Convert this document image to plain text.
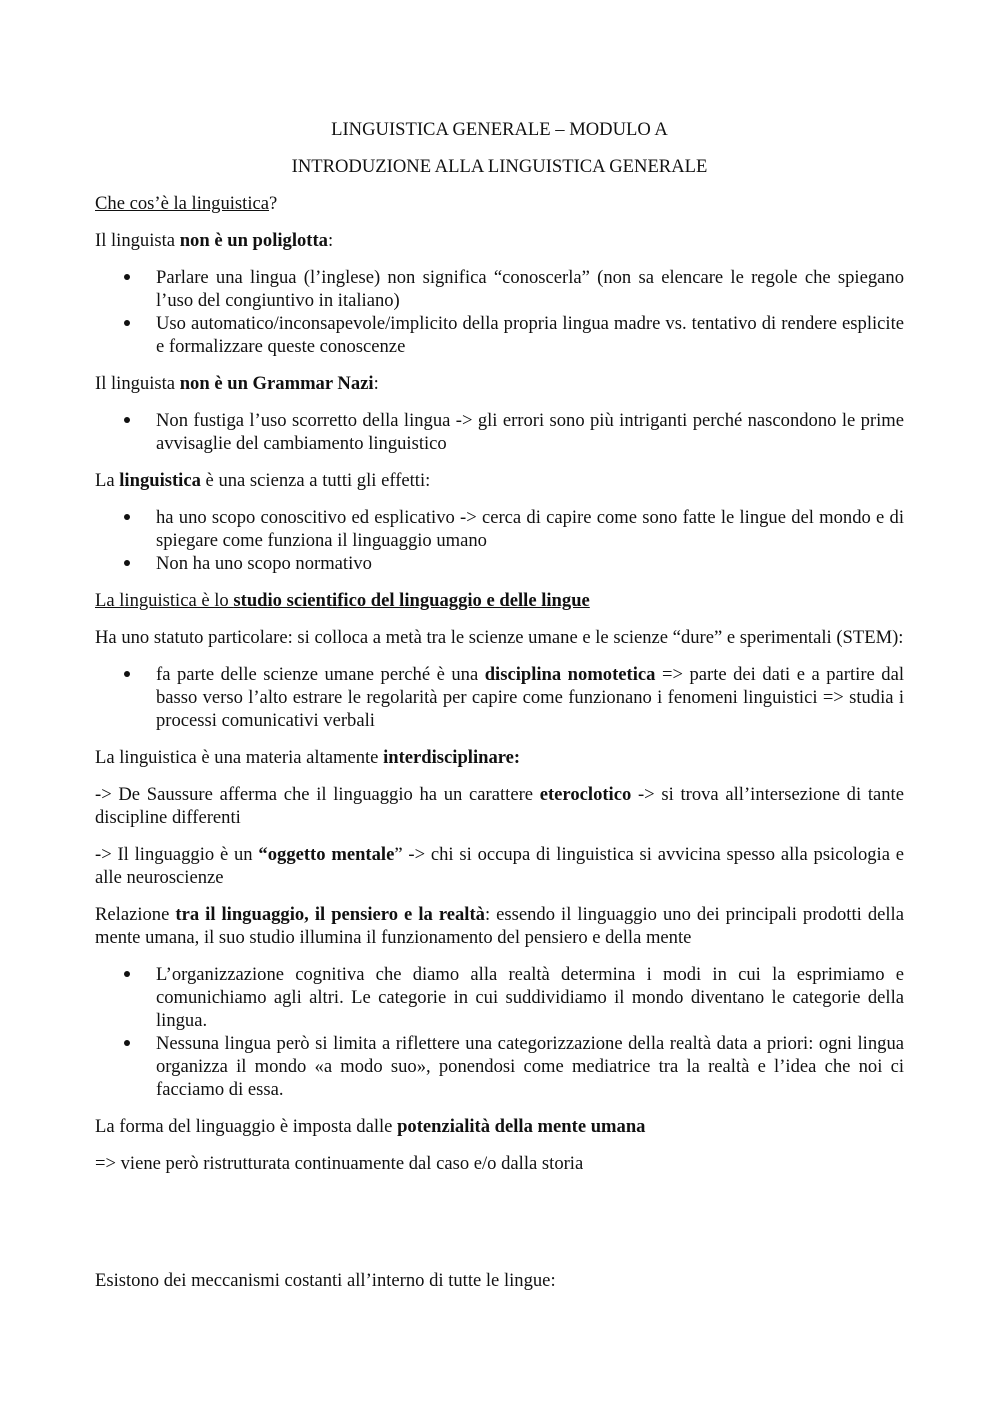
LINGUISTICA GENERALE – MODULO A

INTRODUZIONE ALLA LINGUISTICA GENERALE

Che cos’è la linguistica?

Il linguista non è un poliglotta:

Parlare una lingua (l’inglese) non significa “conoscerla” (non sa elencare le regole che spiegano l’uso del congiuntivo in italiano)
Uso automatico/inconsapevole/implicito della propria lingua madre vs. tentativo di rendere esplicite e formalizzare queste conoscenze

Il linguista non è un Grammar Nazi:

Non fustiga l’uso scorretto della lingua -> gli errori sono più intriganti perché nascondono le prime avvisaglie del cambiamento linguistico

La linguistica è una scienza a tutti gli effetti:

ha uno scopo conoscitivo ed esplicativo -> cerca di capire come sono fatte le lingue del mondo e di spiegare come funziona il linguaggio umano
Non ha uno scopo normativo

La linguistica è lo studio scientifico del linguaggio e delle lingue

Ha uno statuto particolare: si colloca a metà tra le scienze umane e le scienze “dure” e sperimentali (STEM):

fa parte delle scienze umane perché è una disciplina nomotetica => parte dei dati e a partire dal basso verso l’alto estrare le regolarità per capire come funzionano i fenomeni linguistici => studia i processi comunicativi verbali

La linguistica è una materia altamente interdisciplinare:

-> De Saussure afferma che il linguaggio ha un carattere eteroclotico -> si trova all’intersezione di tante discipline differenti

-> Il linguaggio è un “oggetto mentale” -> chi si occupa di linguistica si avvicina spesso alla psicologia e alle neuroscienze

Relazione tra il linguaggio, il pensiero e la realtà: essendo il linguaggio uno dei principali prodotti della mente umana, il suo studio illumina il funzionamento del pensiero e della mente

L’organizzazione cognitiva che diamo alla realtà determina i modi in cui la esprimiamo e comunichiamo agli altri. Le categorie in cui suddividiamo il mondo diventano le categorie della lingua.
Nessuna lingua però si limita a riflettere una categorizzazione della realtà data a priori: ogni lingua organizza il mondo «a modo suo», ponendosi come mediatrice tra la realtà e l’idea che noi ci facciamo di essa.

La forma del linguaggio è imposta dalle potenzialità della mente umana

=> viene però ristrutturata continuamente dal caso e/o dalla storia

Esistono dei meccanismi costanti all’interno di tutte le lingue:
